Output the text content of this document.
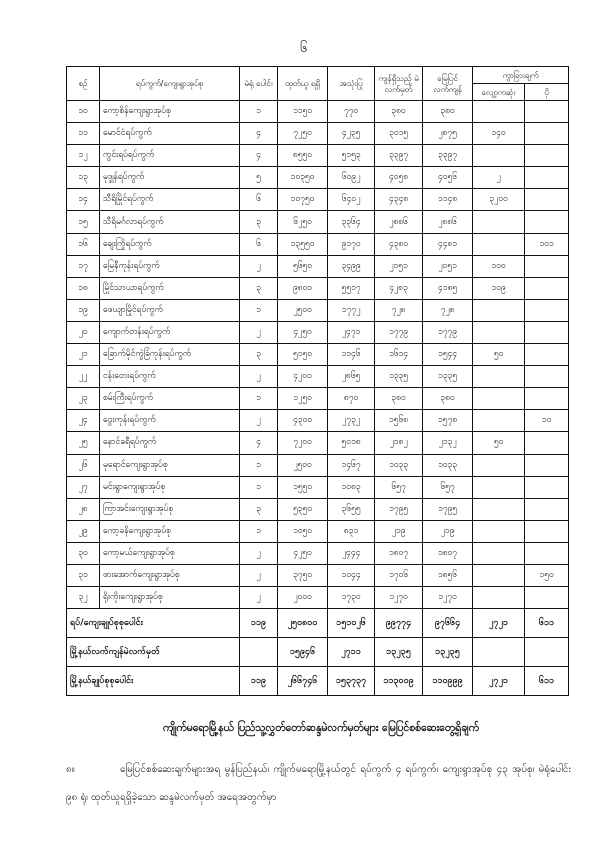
၆
စဉ်	ရပ်ကွက်/ကျေးရွာအုပ်စု	မဲရုံ ပေါင်း	ထုတ်ယူ ရရှိ	အသုံးပြု	ကျန်ရှိသည့် မဲလက်မှတ်	မြေပြင် လက်ကျန်	ကွာခြားချက်	
							လျော့ကဆုံး	ပို
၁၀	ကော့စိန်ကျေးရွာအုပ်စု	၁	၁၁၅၀	၇၇၀	၃၈၀	၃၈၀		
၁၁	မောင်ငံရပ်ကွက်	၄	၇၂၅၀	၄၂၃၅	၃၀၁၅	၂၈၇၅	၁၄၀	
၁၂	ကွင်းရပ်ရပ်ကွက်	၄	၈၅၅၀	၅၁၅၃	၃၃၉၇	၃၃၉၇		
၁၃	မုဒ္ဒုန်ရပ်ကွက်	၅	၁၀၃၅၀	၆၀၉၂	၄၀၅၈	၄၀၅၆	၂	
၁၄	သီရိမြိုင်ရပ်ကွက်	၆	၁၀၇၅၀	၆၄၀၂	၄၃၄၈	၁၁၄၈	၃၂၀၀	
၁၅	သီရိမင်္ဂလာရပ်ကွက်	၃	၆၂၅၀	၃၃၆၄	၂၈၈၆	၂၈၈၆		
၁၆	ချေးကြိုရပ်ကွက်	၆	၁၃၅၅၀	၉၁၇၀	၄၃၈၀	၄၄၈၁		၁၀၁
၁၇	မြေနီကုန်းရပ်ကွက်	၂	၅၆၅၀	၃၄၉၉	၂၁၅၁	၂၀၅၁	၁၀၀	
၁၈	မြိုင်သာယာရပ်ကွက်	၃	၉၈၀၀	၅၅၁၇	၄၂၈၃	၄၁၈၅	၁၀၉	
၁၉	ဖေယျာမြိုင်ရပ်ကွက်	၁	၂၅၀၀	၁၇၇၂	၇၂၈	၇၂၈		
၂၀	ကျောက်တန်းရပ်ကွက်	၂	၄၂၅၀	၂၄၇၁	၁၇၇၉	၁၇၇၉		
၂၁	ခြောက်မိုင်ကွဲခြံကုန်းရပ်ကွက်	၃	၅၁၅၀	၁၁၄၆	၁၆၁၄	၁၅၄၄	၅၀	
၂၂	ငန်းတေးရပ်ကွက်	၂	၄၂၀၀	၂၈၆၅	၁၃၃၅	၁၃၃၅		
၂၃	စမ်းကြီးရပ်ကွက်	၁	၁၂၅၀	၈၇၀	၃၈၀	၃၈၀		
၂၄	ဝွေးကုန်းရပ်ကွက်	၂	၄၃၀၀	၂၇၃၂	၁၅၆၈	၁၅၇၈		၁၀
၂၅	နောင်ခရီရပ်ကွက်	၄	၇၂၀၀	၅၀၁၈	၂၁၈၂	၂၁၃၂	၅၀	
၂၆	မုရောင်ကျေးရွာအုပ်စု	၁	၂၅၀၀	၁၄၆၇	၁၀၃၃	၁၀၃၃		
၂၇	မင်းရွာကျေးရွာအုပ်စု	၁	၁၅၅၀	၁၀၈၃	၆၅၇	၆၅၇		
၂၈	ကြာအင်းကျေးရွာအုပ်စု	၃	၅၃၅၀	၃၆၅၅	၁၇၉၅	၁၇၉၅		
၂၉	ကော့ခနိကျေးရွာအုပ်စု	၁	၁၀၅၀	၈၃၁	၂၁၉	၂၁၉		
၃၀	ကော့မယ်ကျေးရွာအုပ်စု	၂	၄၂၅၀	၂၄၄၄	၁၈၀၇	၁၈၀၇		
၃၁	ဖားအောက်ကျေးရွာအုပ်စု	၂	၃၇၅၀	၁၀၄၄	၁၇၀၆	၁၈၅၆		၁၅၀
၃၂	ရိုးကိုးကျေးရွာအုပ်စု	၂	၂၀၀၀	၁၇၃၀	၁၂၇၀	၁၂၇၀		
ရပ်/ကျေးချုပ်စုစုပေါင်း		၁၁၉	၂၅၀၈၀၀	၁၅၁၀၂၆	၉၉၇၇၄	၉၇၆၆၄	၂၇၂၁	၆၁၁
မြို့နယ်လက်ကျန်မဲလက်မှတ်			၁၅၉၄၆	၂၇၁၁	၁၃၂၃၅	၁၃၂၃၅		
မြို့နယ်ချုပ်စုစုပေါင်း		၁၁၉	၂၆၆၇၄၆	၁၅၃၇၃၇	၁၁၃၀၀၉	၁၁၀၉၉၉	၂၇၂၁	၆၁၁
ကျိုက်မရောမြို့နယ် ပြည်သူ့လွှတ်တော်ဆန္ဒမဲလက်မှတ်များ မြေပြင်စစ်ဆေးတွေ့ရှိချက်
၈။	မြေပြင်စစ်ဆေးချက်များအရ မွန်ပြည်နယ်၊ ကျိုက်မရောမြို့နယ်တွင် ရပ်ကွက် ၄ ရပ်ကွက်၊ ကျေးရွာအုပ်စု ၄၃ အုပ်စု၊ မဲရုံပေါင်း ၉၈ ရုံ၊ ထုတ်ယူရရှိခဲ့သော ဆန္ဒမဲလက်မှတ် အရေအတွက်မှာ
